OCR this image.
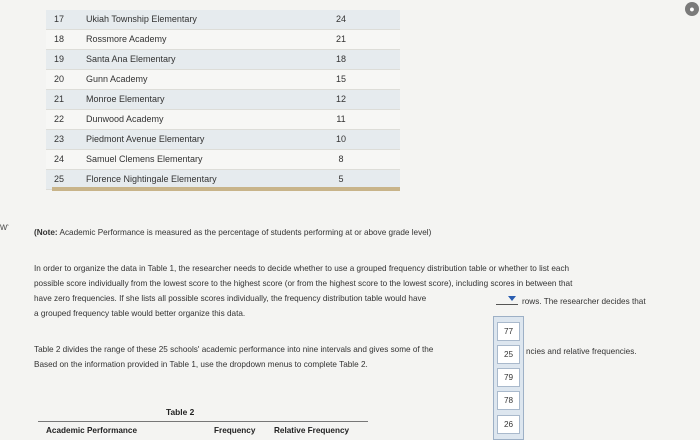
●
ⱳ
17	Ukiah Township Elementary	24
18	Rossmore Academy	21
19	Santa Ana Elementary	18
20	Gunn Academy	15
21	Monroe Elementary	12
22	Dunwood Academy	11
23	Piedmont Avenue Elementary	10
24	Samuel Clemens Elementary	8
25	Florence Nightingale Elementary	5
(Note: Academic Performance is measured as the percentage of students performing at or above grade level)
In order to organize the data in Table 1, the researcher needs to decide whether to use a grouped frequency distribution table or whether to list each
possible score individually from the lowest score to the highest score (or from the highest score to the lowest score), including scores in between that
have zero frequencies. If she lists all possible scores individually, the frequency distribution table would have	rows. The researcher decides that
a grouped frequency table would better organize this data.
Table 2 divides the range of these 25 schools' academic performance into nine intervals and gives some of the	ncies and relative frequencies.
Based on the information provided in Table 1, use the dropdown menus to complete Table 2.
77
25
79
78
26
Table 2
Academic Performance	Frequency Relative Frequency
